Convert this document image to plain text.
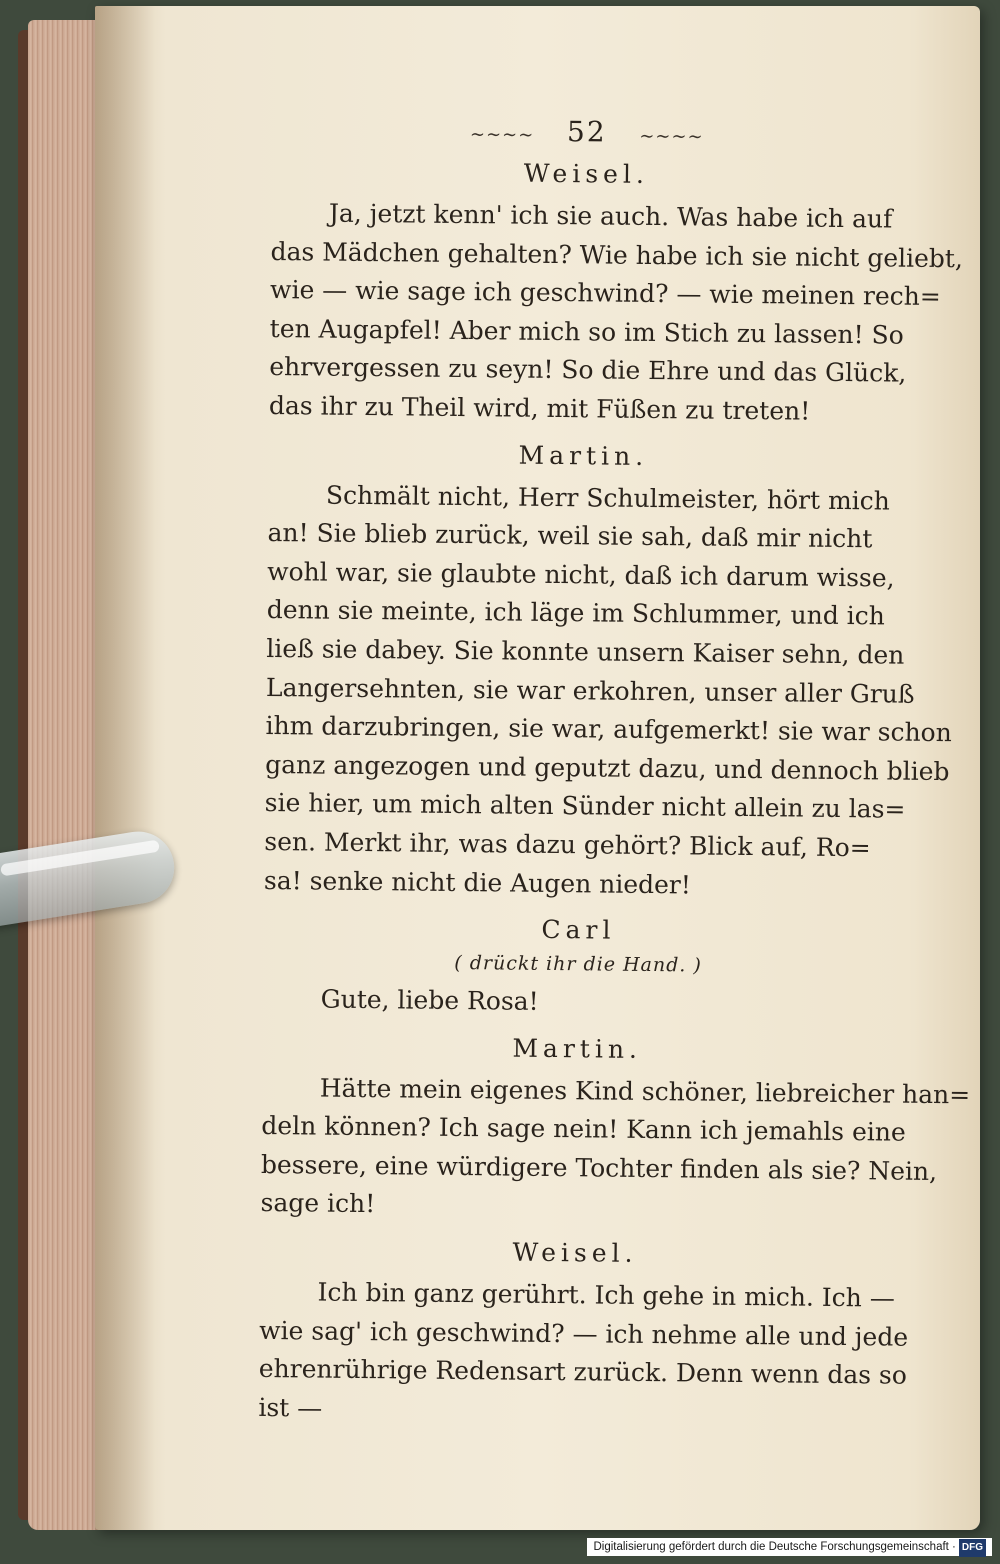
~~~~ 52 ~~~~
Weisel.
Ja, jetzt kenn' ich sie auch. Was habe ich auf
das Mädchen gehalten? Wie habe ich sie nicht geliebt,
wie — wie sage ich geschwind? — wie meinen rech=
ten Augapfel! Aber mich so im Stich zu lassen! So
ehrvergessen zu seyn! So die Ehre und das Glück,
das ihr zu Theil wird, mit Füßen zu treten!
Martin.
Schmält nicht, Herr Schulmeister, hört mich
an! Sie blieb zurück, weil sie sah, daß mir nicht
wohl war, sie glaubte nicht, daß ich darum wisse,
denn sie meinte, ich läge im Schlummer, und ich
ließ sie dabey. Sie konnte unsern Kaiser sehn, den
Langersehnten, sie war erkohren, unser aller Gruß
ihm darzubringen, sie war, aufgemerkt! sie war schon
ganz angezogen und geputzt dazu, und dennoch blieb
sie hier, um mich alten Sünder nicht allein zu las=
sen. Merkt ihr, was dazu gehört? Blick auf, Ro=
sa! senke nicht die Augen nieder!
Carl
( drückt ihr die Hand. )
Gute, liebe Rosa!
Martin.
Hätte mein eigenes Kind schöner, liebreicher han=
deln können? Ich sage nein! Kann ich jemahls eine
bessere, eine würdigere Tochter finden als sie? Nein,
sage ich!
Weisel.
Ich bin ganz gerührt. Ich gehe in mich. Ich —
wie sag' ich geschwind? — ich nehme alle und jede
ehrenrührige Redensart zurück. Denn wenn das so
ist —
Digitalisierung gefördert durch die Deutsche Forschungsgemeinschaft · DFG
